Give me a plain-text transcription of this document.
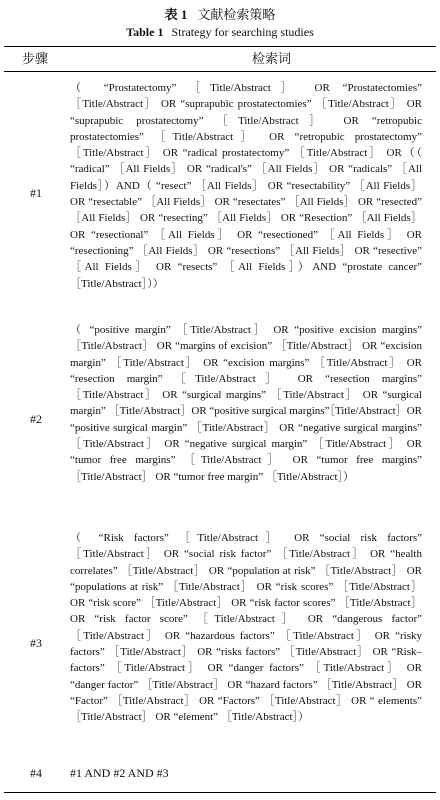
表 1 文献检索策略
Table 1 Strategy for searching studies
步骤	检索词
#1
（ “Prostatectomy” ［Title/Abstract］ OR “Prostatectomies” ［Title/Abstract］ OR “suprapubic prostatectomies” ［Title/Abstract］ OR “suprapubic prostatectomy” ［Title/Abstract］ OR “retropubic prostatectomies” ［Title/Abstract］ OR “retropubic prostatectomy” ［Title/Abstract］ OR “radical prostatectomy” ［Title/Abstract］ OR（（ “radical” ［All Fields］ OR “radical's” ［All Fields］ OR “radicals” ［All Fields］）AND（ “resect” ［All Fields］ OR “resectability” ［All Fields］ OR “resectable” ［All Fields］ OR “resectates” ［All Fields］ OR “resected” ［All Fields］ OR “resecting” ［All Fields］ OR “Resection” ［All Fields］ OR “resectional” ［All Fields］ OR “resectioned” ［All Fields］ OR “resectioning” ［All Fields］ OR “resections” ［All Fields］ OR “resective” ［All Fields］ OR “resects” ［All Fields］）AND “prostate cancer” ［Title/Abstract］））
#2
（ “positive margin” ［Title/Abstract］ OR “positive excision margins” ［Title/Abstract］ OR “margins of excision” ［Title/Abstract］ OR “excision margin” ［Title/Abstract］ OR “excision margins” ［Title/Abstract］ OR “resection margin” ［Title/Abstract］ OR “resection margins” ［Title/Abstract］ OR “surgical margins” ［Title/Abstract］ OR “surgical margin” ［Title/Abstract］OR “positive surgical margins”［Title/Abstract］OR “positive surgical margin” ［Title/Abstract］ OR “negative surgical margins” ［Title/Abstract］ OR “negative surgical margin” ［Title/Abstract］ OR “tumor free margins” ［Title/Abstract］ OR “tumor free margins” ［Title/Abstract］ OR “tumor free margin” ［Title/Abstract］）
#3
（ “Risk factors” ［Title/Abstract］ OR “social risk factors” ［Title/Abstract］ OR “social risk factor” ［Title/Abstract］ OR “health correlates” ［Title/Abstract］ OR “population at risk” ［Title/Abstract］ OR “populations at risk” ［Title/Abstract］ OR “risk scores” ［Title/Abstract］ OR “risk score” ［Title/Abstract］ OR “risk factor scores” ［Title/Abstract］ OR “risk factor score” ［Title/Abstract］ OR “dangerous factor” ［Title/Abstract］ OR “hazardous factors” ［Title/Abstract］ OR “risky factors” ［Title/Abstract］ OR “risks factors” ［Title/Abstract］ OR “Risk–factors” ［Title/Abstract］ OR “danger factors” ［Title/Abstract］ OR “danger factor” ［Title/Abstract］ OR “hazard factors” ［Title/Abstract］ OR “Factor” ［Title/Abstract］ OR “Factors” ［Title/Abstract］ OR “ elements” ［Title/Abstract］ OR “element” ［Title/Abstract］）
#4 #1 AND #2 AND #3
